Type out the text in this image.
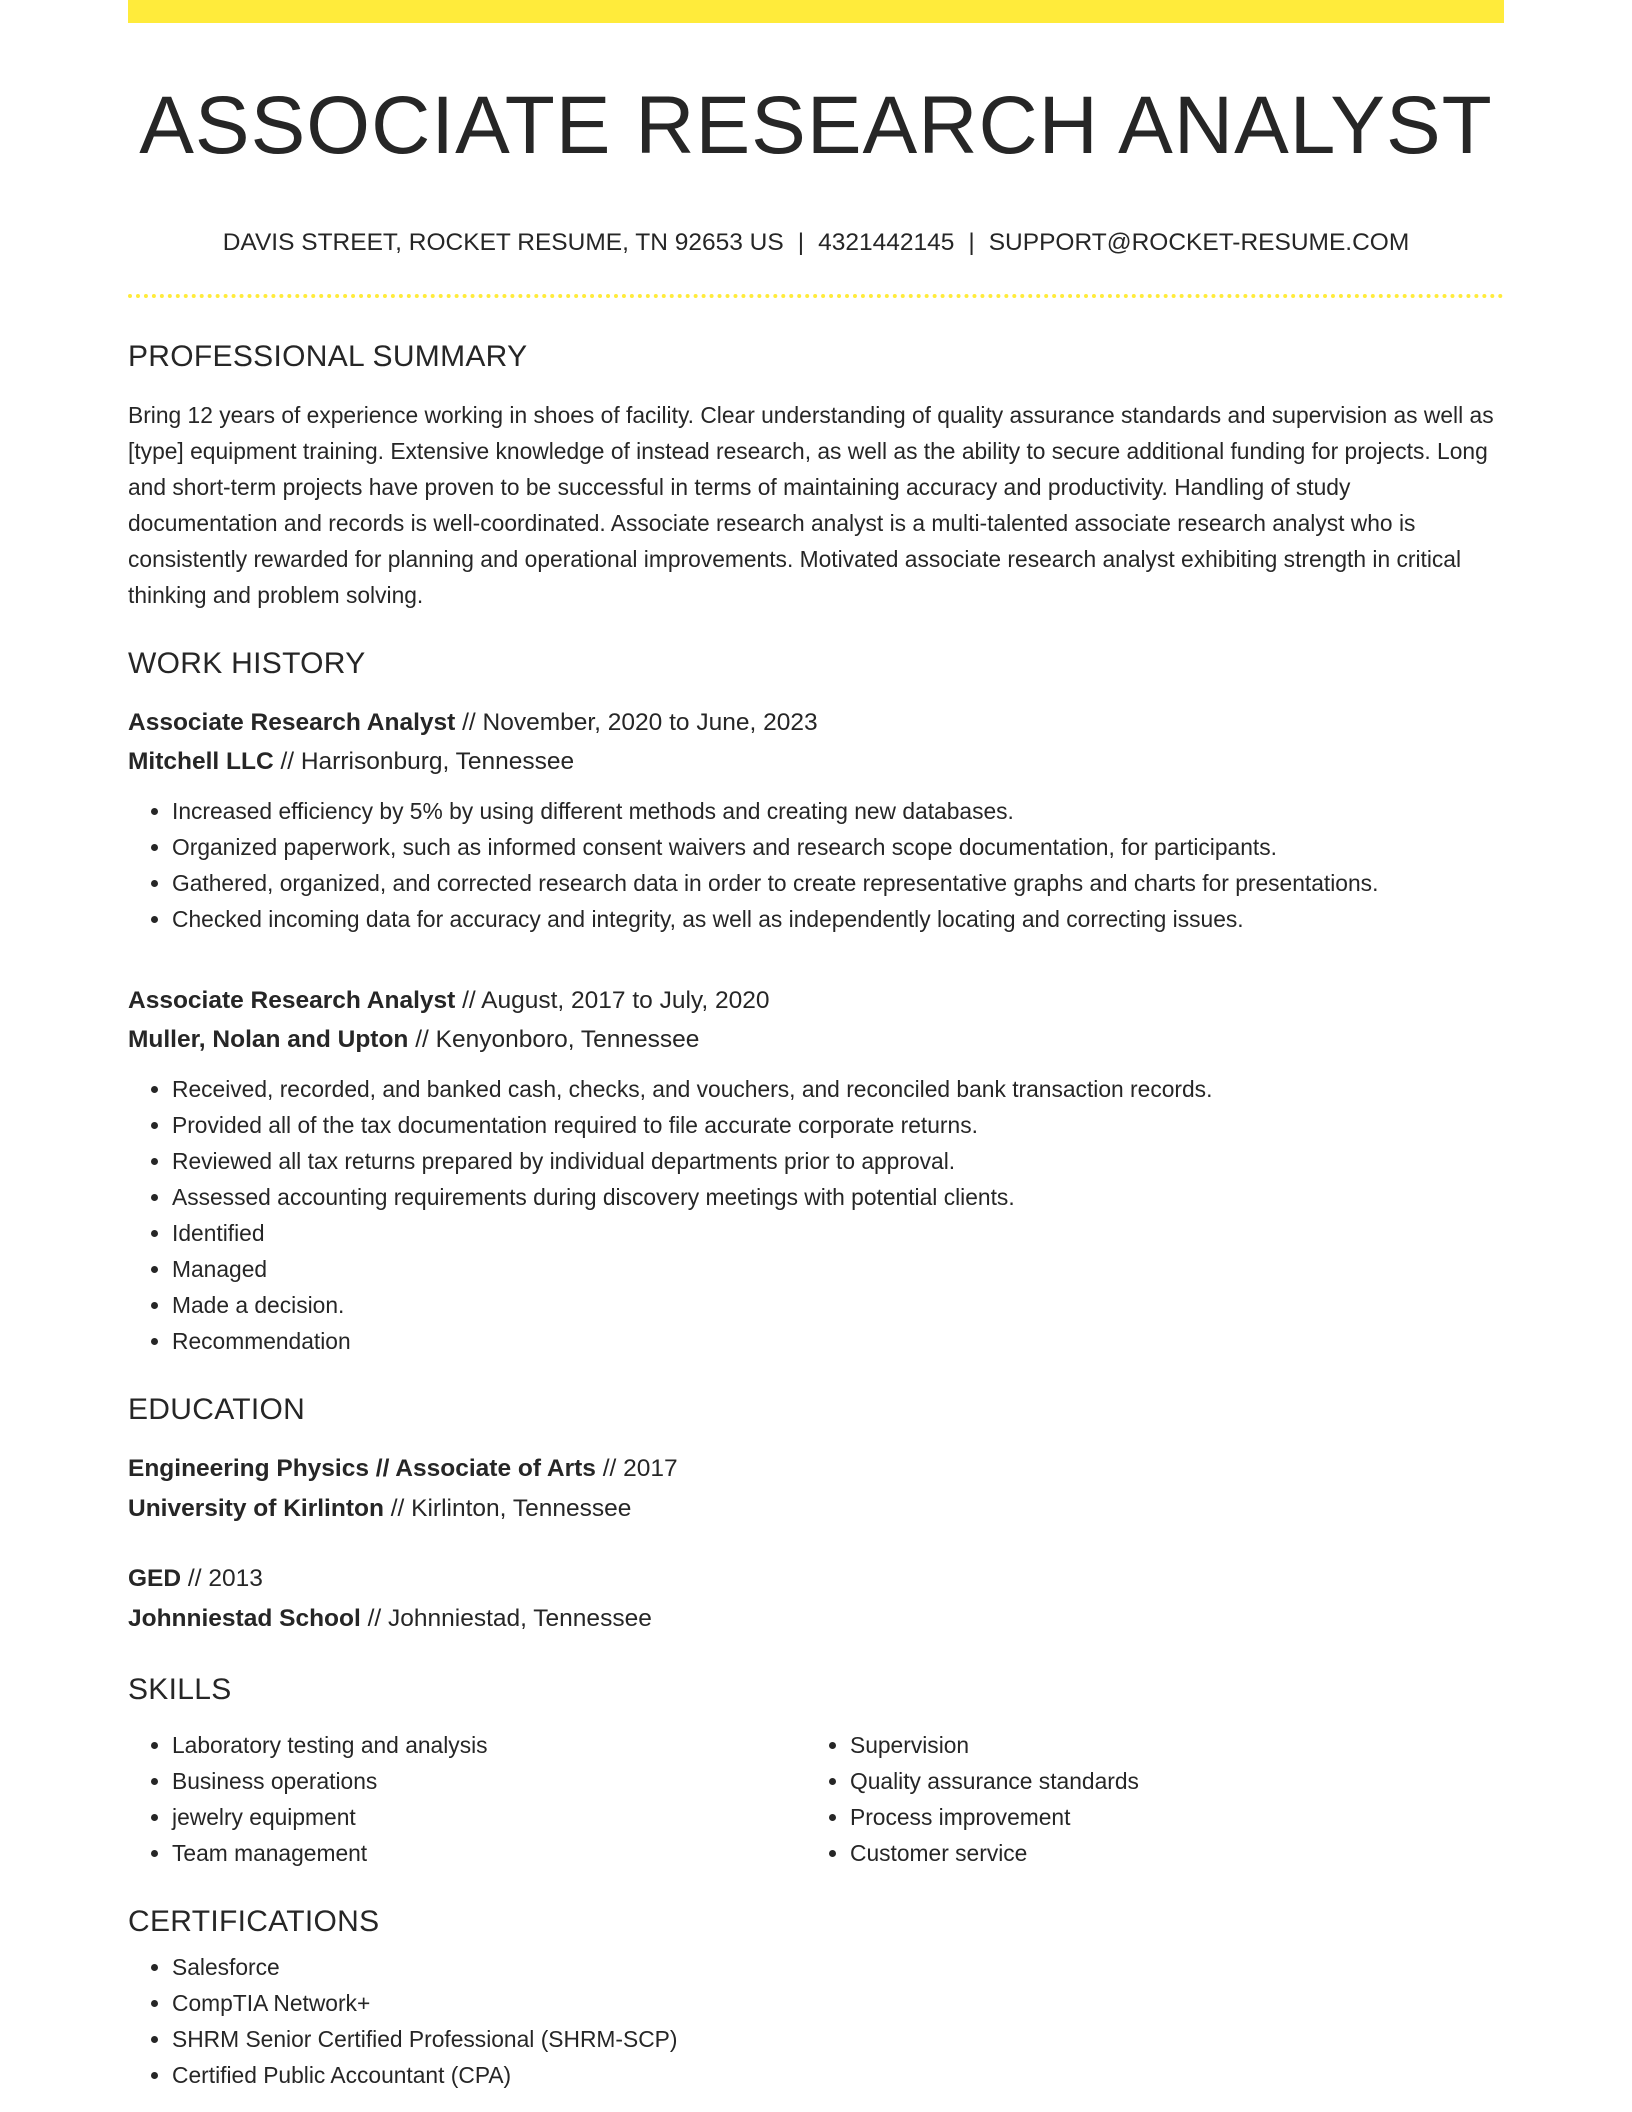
ASSOCIATE RESEARCH ANALYST
DAVIS STREET, ROCKET RESUME, TN 92653 US | 4321442145 | SUPPORT@ROCKET-RESUME.COM
PROFESSIONAL SUMMARY

Bring 12 years of experience working in shoes of facility. Clear understanding of quality assurance standards and supervision as well as [type] equipment training. Extensive knowledge of instead research, as well as the ability to secure additional funding for projects. Long and short-term projects have proven to be successful in terms of maintaining accuracy and productivity. Handling of study documentation and records is well-coordinated. Associate research analyst is a multi-talented associate research analyst who is consistently rewarded for planning and operational improvements. Motivated associate research analyst exhibiting strength in critical thinking and problem solving.

WORK HISTORY
Associate Research Analyst // November, 2020 to June, 2023
Mitchell LLC // Harrisonburg, Tennessee
• Increased efficiency by 5% by using different methods and creating new databases.
• Organized paperwork, such as informed consent waivers and research scope documentation, for participants.
• Gathered, organized, and corrected research data in order to create representative graphs and charts for presentations.
• Checked incoming data for accuracy and integrity, as well as independently locating and correcting issues.
Associate Research Analyst // August, 2017 to July, 2020
Muller, Nolan and Upton // Kenyonboro, Tennessee
• Received, recorded, and banked cash, checks, and vouchers, and reconciled bank transaction records.
• Provided all of the tax documentation required to file accurate corporate returns.
• Reviewed all tax returns prepared by individual departments prior to approval.
• Assessed accounting requirements during discovery meetings with potential clients.
• Identified
• Managed
• Made a decision.
• Recommendation
EDUCATION
Engineering Physics // Associate of Arts // 2017
University of Kirlinton // Kirlinton, Tennessee
GED // 2013
Johnniestad School // Johnniestad, Tennessee
SKILLS
• Laboratory testing and analysis
• Business operations
• jewelry equipment
• Team management
• Supervision
• Quality assurance standards
• Process improvement
• Customer service
CERTIFICATIONS
• Salesforce
• CompTIA Network+
• SHRM Senior Certified Professional (SHRM-SCP)
• Certified Public Accountant (CPA)
